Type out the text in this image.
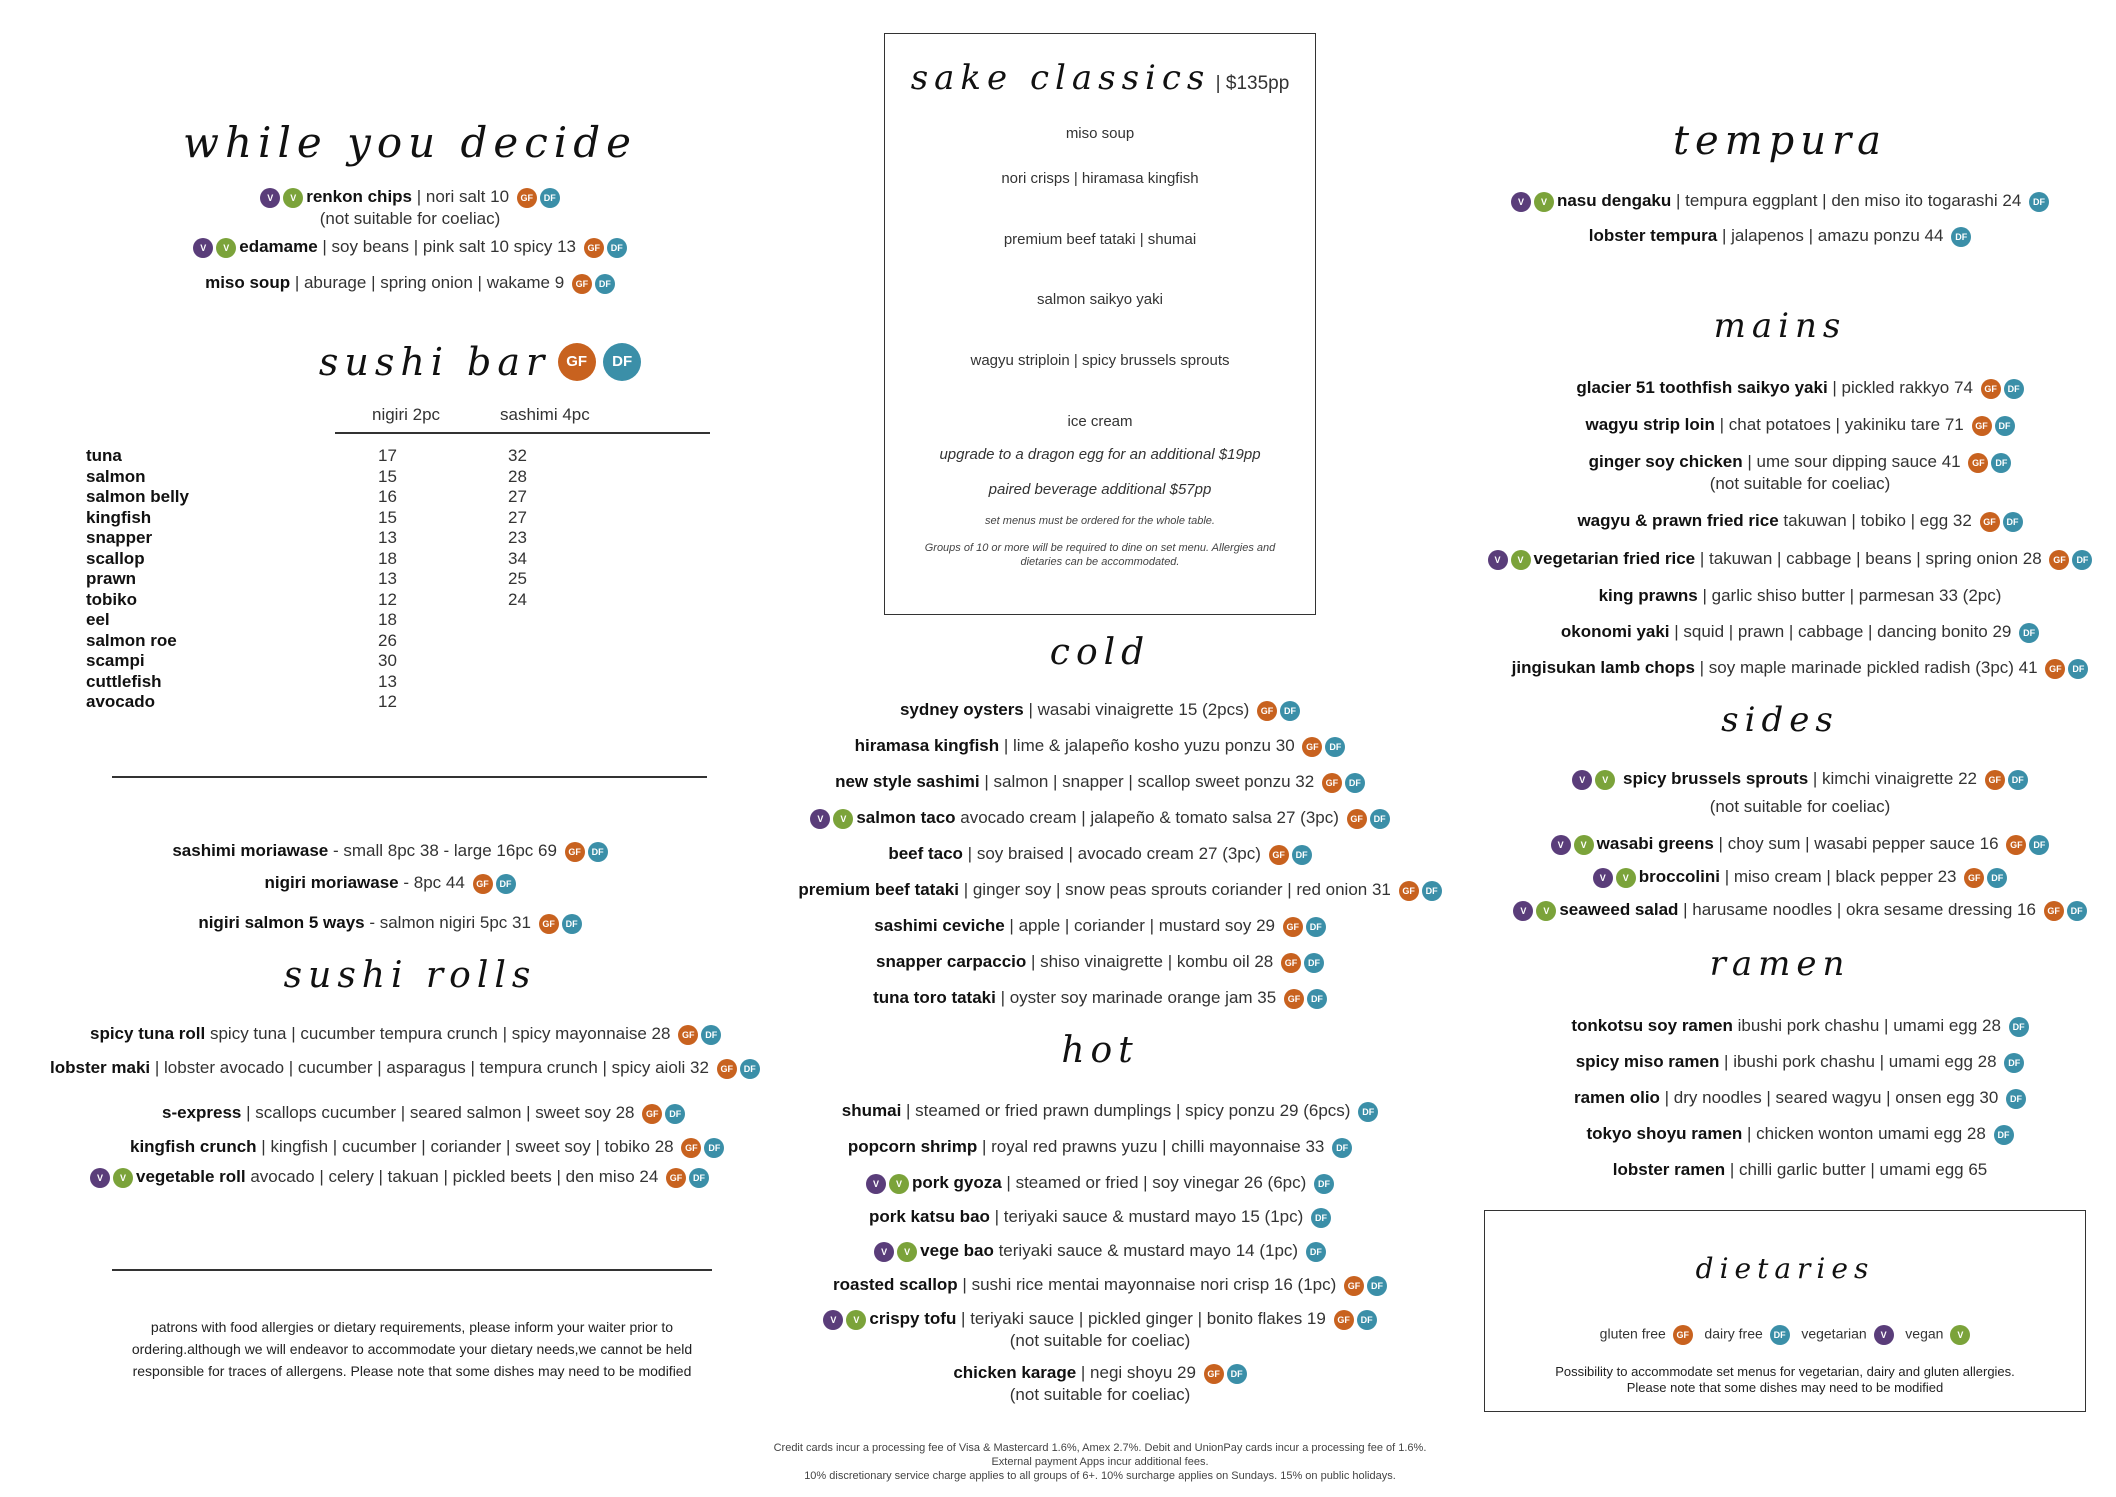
while you decide
V V renkon chips | nori salt 10 GF DF
(not suitable for coeliac)
V V edamame | soy beans | pink salt 10 spicy 13 GF DF
miso soup | aburage | spring onion | wakame 9 GF DF
sushi bar GF DF
nigiri 2pc	sashimi 4pc
tuna	17	32
salmon	15	28
salmon belly	16	27
kingfish	15	27
snapper	13	23
scallop	18	34
prawn	13	25
tobiko	12	24
eel	18
salmon roe	26
scampi	30
cuttlefish	13
avocado	12
sashimi moriawase - small 8pc 38 - large 16pc 69 GF DF
nigiri moriawase - 8pc 44 GF DF
nigiri salmon 5 ways - salmon nigiri 5pc 31 GF DF
sushi rolls
spicy tuna roll spicy tuna | cucumber tempura crunch | spicy mayonnaise 28 GF DF
lobster maki | lobster avocado | cucumber | asparagus | tempura crunch | spicy aioli 32 GF DF
s-express | scallops cucumber | seared salmon | sweet soy 28 GF DF
kingfish crunch | kingfish | cucumber | coriander | sweet soy | tobiko 28 GF DF
V V vegetable roll avocado | celery | takuan | pickled beets | den miso 24 GF DF
patrons with food allergies or dietary requirements, please inform your waiter prior to ordering.although we will endeavor to accommodate your dietary needs,we cannot be held responsible for traces of allergens. Please note that some dishes may need to be modified
sake classics | $135pp
miso soup
nori crisps | hiramasa kingfish
premium beef tataki | shumai
salmon saikyo yaki
wagyu striploin | spicy brussels sprouts
ice cream
upgrade to a dragon egg for an additional $19pp
paired beverage additional $57pp
set menus must be ordered for the whole table.
Groups of 10 or more will be required to dine on set menu. Allergies and dietaries can be accommodated.
cold
sydney oysters | wasabi vinaigrette 15 (2pcs) GF DF
hiramasa kingfish | lime & jalapeño kosho yuzu ponzu 30 GF DF
new style sashimi | salmon | snapper | scallop sweet ponzu 32 GF DF
V V salmon taco avocado cream | jalapeño & tomato salsa 27 (3pc) GF DF
beef taco | soy braised | avocado cream 27 (3pc) GF DF
premium beef tataki | ginger soy | snow peas sprouts coriander | red onion 31 GF DF
sashimi ceviche | apple | coriander | mustard soy 29 GF DF
snapper carpaccio | shiso vinaigrette | kombu oil 28 GF DF
tuna toro tataki | oyster soy marinade orange jam 35 GF DF
hot
shumai | steamed or fried prawn dumplings | spicy ponzu 29 (6pcs) DF
popcorn shrimp | royal red prawns yuzu | chilli mayonnaise 33 DF
V V pork gyoza | steamed or fried | soy vinegar 26 (6pc) DF
pork katsu bao | teriyaki sauce & mustard mayo 15 (1pc) DF
V V vege bao teriyaki sauce & mustard mayo 14 (1pc) DF
roasted scallop | sushi rice mentai mayonnaise nori crisp 16 (1pc) GF DF
V V crispy tofu | teriyaki sauce | pickled ginger | bonito flakes 19 GF DF
(not suitable for coeliac)
chicken karage | negi shoyu 29 GF DF
(not suitable for coeliac)
Credit cards incur a processing fee of Visa & Mastercard 1.6%, Amex 2.7%. Debit and UnionPay cards incur a processing fee of 1.6%.
External payment Apps incur additional fees.
10% discretionary service charge applies to all groups of 6+. 10% surcharge applies on Sundays. 15% on public holidays.
tempura
V V nasu dengaku | tempura eggplant | den miso ito togarashi 24 DF
lobster tempura | jalapenos | amazu ponzu 44 DF
mains
glacier 51 toothfish saikyo yaki | pickled rakkyo 74 GF DF
wagyu strip loin | chat potatoes | yakiniku tare 71 GF DF
ginger soy chicken | ume sour dipping sauce 41 GF DF
(not suitable for coeliac)
wagyu & prawn fried rice takuwan | tobiko | egg 32 GF DF
V V vegetarian fried rice | takuwan | cabbage | beans | spring onion 28 GF DF
king prawns | garlic shiso butter | parmesan 33 (2pc)
okonomi yaki | squid | prawn | cabbage | dancing bonito 29 DF
jingisukan lamb chops | soy maple marinade pickled radish (3pc) 41 GF DF
sides
V V spicy brussels sprouts | kimchi vinaigrette 22 GF DF
(not suitable for coeliac)
V V wasabi greens | choy sum | wasabi pepper sauce 16 GF DF
V V broccolini | miso cream | black pepper 23 GF DF
V V seaweed salad | harusame noodles | okra sesame dressing 16 GF DF
ramen
tonkotsu soy ramen ibushi pork chashu | umami egg 28 DF
spicy miso ramen | ibushi pork chashu | umami egg 28 DF
ramen olio | dry noodles | seared wagyu | onsen egg 30 DF
tokyo shoyu ramen | chicken wonton umami egg 28 DF
lobster ramen | chilli garlic butter | umami egg 65
dietaries
gluten free GF dairy free DF vegetarian V vegan V
Possibility to accommodate set menus for vegetarian, dairy and gluten allergies.
Please note that some dishes may need to be modified
